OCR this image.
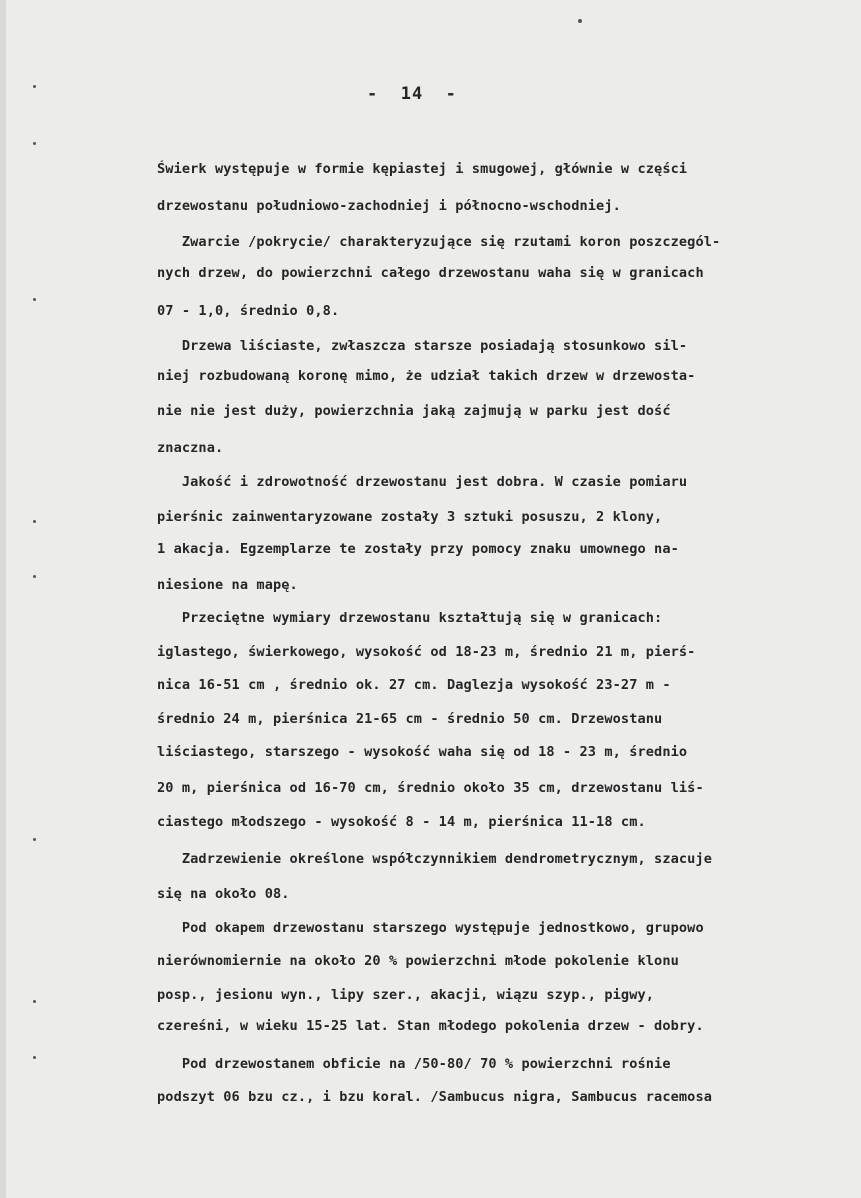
-  14  -
Świerk występuje w formie kępiastej i smugowej, głównie w części
drzewostanu południowo-zachodniej i północno-wschodniej.
Zwarcie /pokrycie/ charakteryzujące się rzutami koron poszczegól-
nych drzew, do powierzchni całego drzewostanu waha się w granicach
07 - 1,0, średnio 0,8.
Drzewa liściaste, zwłaszcza starsze posiadają stosunkowo sil-
niej rozbudowaną koronę mimo, że udział takich drzew w drzewosta-
nie nie jest duży, powierzchnia jaką zajmują w parku jest dość
znaczna.
Jakość i zdrowotność drzewostanu jest dobra. W czasie pomiaru
pierśnic zainwentaryzowane zostały 3 sztuki posuszu, 2 klony,
1 akacja. Egzemplarze te zostały przy pomocy znaku umownego na-
niesione na mapę.
Przeciętne wymiary drzewostanu kształtują się w granicach:
iglastego, świerkowego, wysokość od 18-23 m, średnio 21 m, pierś-
nica 16-51 cm , średnio ok. 27 cm. Daglezja wysokość 23-27 m -
średnio 24 m, pierśnica 21-65 cm - średnio 50 cm. Drzewostanu
liściastego, starszego - wysokość waha się od 18 - 23 m, średnio
20 m, pierśnica od 16-70 cm, średnio około 35 cm, drzewostanu liś-
ciastego młodszego - wysokość 8 - 14 m, pierśnica 11-18 cm.
Zadrzewienie określone współczynnikiem dendrometrycznym, szacuje
się na około 08.
Pod okapem drzewostanu starszego występuje jednostkowo, grupowo
nierównomiernie na około 20 % powierzchni młode pokolenie klonu
posp., jesionu wyn., lipy szer., akacji, wiązu szyp., pigwy,
czereśni, w wieku 15-25 lat. Stan młodego pokolenia drzew - dobry.
Pod drzewostanem obficie na /50-80/ 70 % powierzchni rośnie
podszyt 06 bzu cz., i bzu koral. /Sambucus nigra, Sambucus racemosa
